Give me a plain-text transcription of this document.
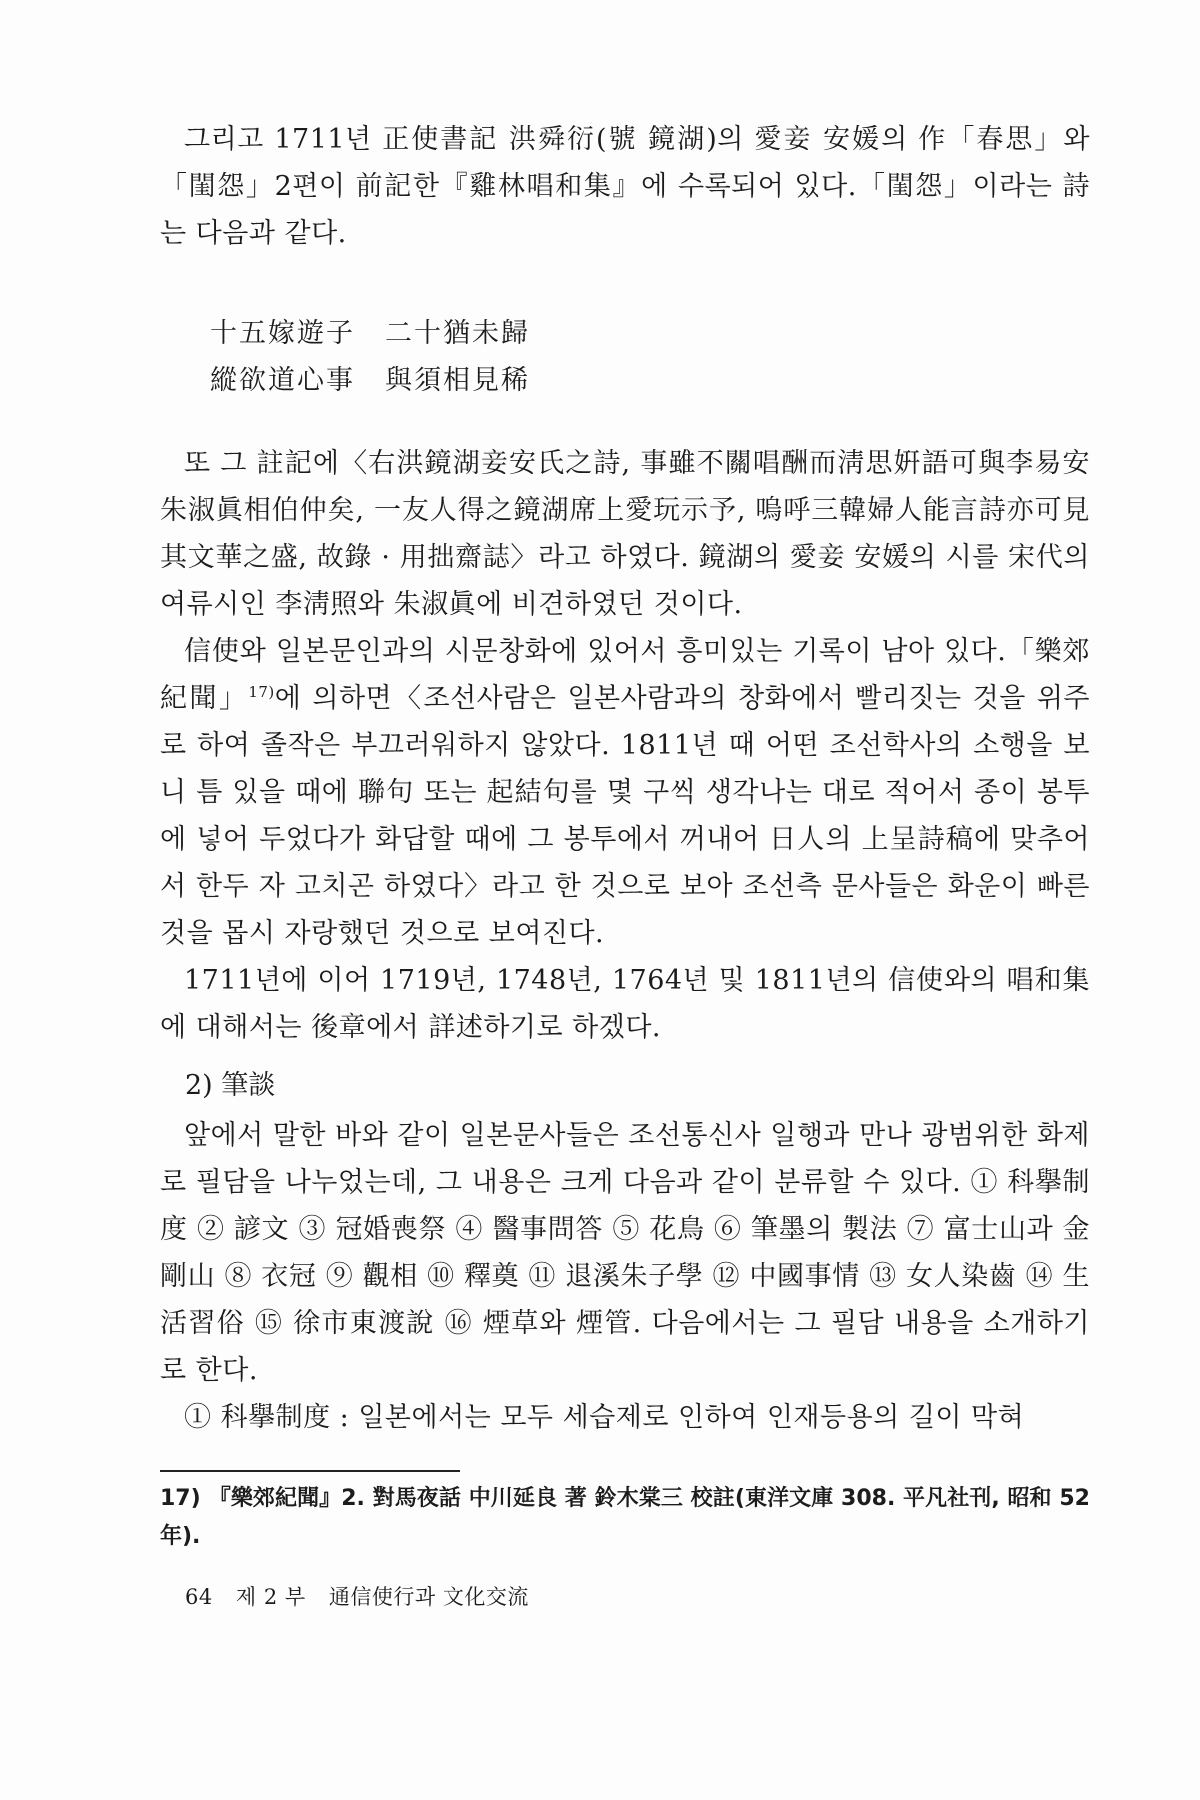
그리고 1711년 正使書記 洪舜衍(號 鏡湖)의 愛妾 安媛의 作「春思」와「閨怨」2편이 前記한『雞林唱和集』에 수록되어 있다.「閨怨」이라는 詩는 다음과 같다.

十五嫁遊子 二十猶未歸
縱欲道心事 與須相見稀

또 그 註記에〈右洪鏡湖妾安氏之詩, 事雖不關唱酬而淸思姸語可與李易安朱淑眞相伯仲矣, 一友人得之鏡湖席上愛玩示予, 嗚呼三韓婦人能言詩亦可見其文華之盛, 故錄 · 用拙齋誌〉라고 하였다. 鏡湖의 愛妾 安媛의 시를 宋代의 여류시인 李淸照와 朱淑眞에 비견하였던 것이다.

信使와 일본문인과의 시문창화에 있어서 흥미있는 기록이 남아 있다.「樂郊紀聞」$^{17)}$에 의하면〈조선사람은 일본사람과의 창화에서 빨리짓는 것을 위주로 하여 졸작은 부끄러워하지 않았다. 1811년 때 어떤 조선학사의 소행을 보니 틈 있을 때에 聯句 또는 起結句를 몇 구씩 생각나는 대로 적어서 종이 봉투에 넣어 두었다가 화답할 때에 그 봉투에서 꺼내어 日人의 上呈詩稿에 맞추어서 한두 자 고치곤 하였다〉라고 한 것으로 보아 조선측 문사들은 화운이 빠른 것을 몹시 자랑했던 것으로 보여진다.

1711년에 이어 1719년, 1748년, 1764년 및 1811년의 信使와의 唱和集에 대해서는 後章에서 詳述하기로 하겠다.

2) 筆談

앞에서 말한 바와 같이 일본문사들은 조선통신사 일행과 만나 광범위한 화제로 필담을 나누었는데, 그 내용은 크게 다음과 같이 분류할 수 있다. ① 科擧制度 ② 諺文 ③ 冠婚喪祭 ④ 醫事問答 ⑤ 花鳥 ⑥ 筆墨의 製法 ⑦ 富士山과 金剛山 ⑧ 衣冠 ⑨ 觀相 ⑩ 釋奠 ⑪ 退溪朱子學 ⑫ 中國事情 ⑬ 女人染齒 ⑭ 生活習俗 ⑮ 徐市東渡說 ⑯ 煙草와 煙管. 다음에서는 그 필담 내용을 소개하기로 한다.

① 科擧制度 : 일본에서는 모두 세습제로 인하여 인재등용의 길이 막혀

17) 『樂郊紀聞』2. 對馬夜話 中川延良 著 鈴木棠三 校註(東洋文庫 308. 平凡社刊, 昭和 52年).
64 제 2 부 通信使行과 文化交流
